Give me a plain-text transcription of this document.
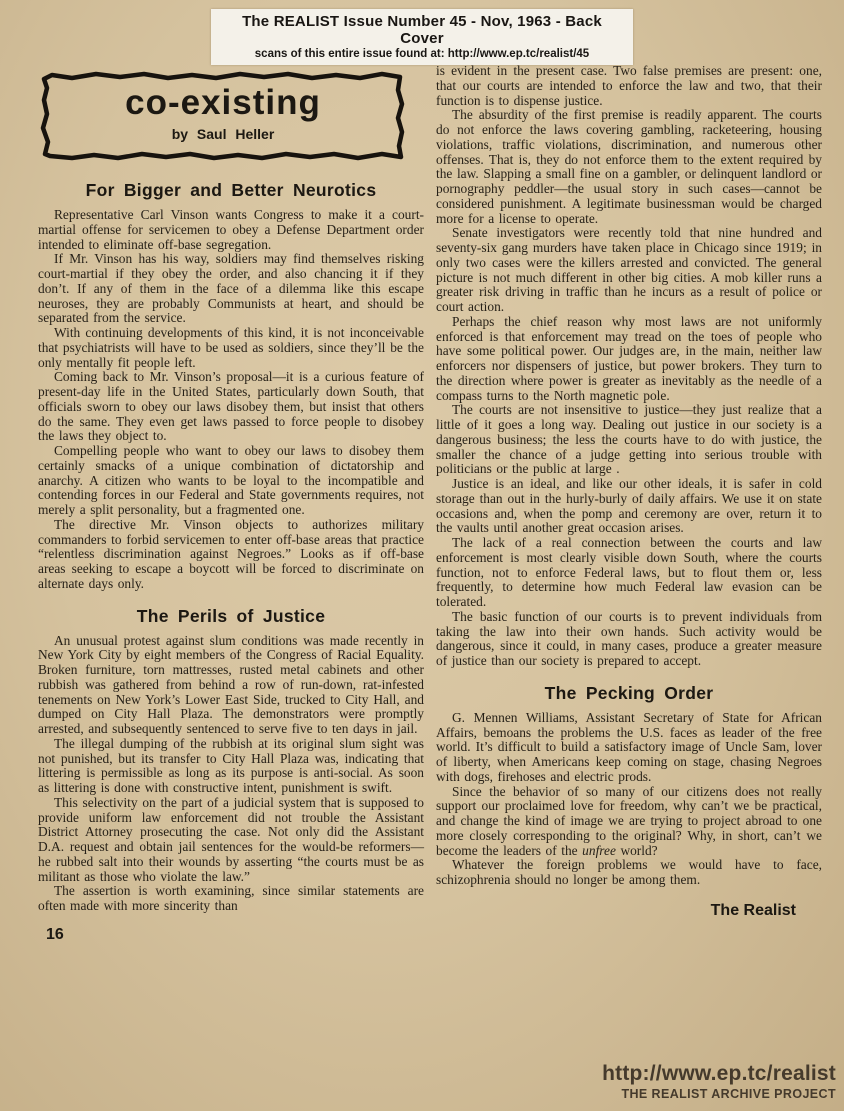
The REALIST Issue Number 45 - Nov, 1963 - Back Cover
scans of this entire issue found at: http://www.ep.tc/realist/45
co-existing
by Saul Heller
For Bigger and Better Neurotics

Representative Carl Vinson wants Congress to make it a court-martial offense for servicemen to obey a Defense Department order intended to eliminate off-base segregation.

If Mr. Vinson has his way, soldiers may find themselves risking court-martial if they obey the order, and also chancing it if they don’t. If any of them in the face of a dilemma like this escape neuroses, they are probably Communists at heart, and should be separated from the service.

With continuing developments of this kind, it is not inconceivable that psychiatrists will have to be used as soldiers, since they’ll be the only mentally fit people left.

Coming back to Mr. Vinson’s proposal—it is a curious feature of present-day life in the United States, particularly down South, that officials sworn to obey our laws disobey them, but insist that others do the same. They even get laws passed to force people to disobey the laws they object to.

Compelling people who want to obey our laws to disobey them certainly smacks of a unique combination of dictatorship and anarchy. A citizen who wants to be loyal to the incompatible and contending forces in our Federal and State governments requires, not merely a split personality, but a fragmented one.

The directive Mr. Vinson objects to authorizes military commanders to forbid servicemen to enter off-base areas that practice “relentless discrimination against Negroes.” Looks as if off-base areas seeking to escape a boycott will be forced to discriminate on alternate days only.

The Perils of Justice

An unusual protest against slum conditions was made recently in New York City by eight members of the Congress of Racial Equality. Broken furniture, torn mattresses, rusted metal cabinets and other rubbish was gathered from behind a row of run-down, rat-infested tenements on New York’s Lower East Side, trucked to City Hall, and dumped on City Hall Plaza. The demonstrators were promptly arrested, and subsequently sentenced to serve five to ten days in jail.

The illegal dumping of the rubbish at its original slum sight was not punished, but its transfer to City Hall Plaza was, indicating that littering is permissible as long as its purpose is anti-social. As soon as littering is done with constructive intent, punishment is swift.

This selectivity on the part of a judicial system that is supposed to provide uniform law enforcement did not trouble the Assistant District Attorney prosecuting the case. Not only did the Assistant D.A. request and obtain jail sentences for the would-be reformers—he rubbed salt into their wounds by asserting “the courts must be as militant as those who violate the law.”

The assertion is worth examining, since similar statements are often made with more sincerity than

16

is evident in the present case. Two false premises are present: one, that our courts are intended to enforce the law and two, that their function is to dispense justice.

The absurdity of the first premise is readily apparent. The courts do not enforce the laws covering gambling, racketeering, housing violations, traffic violations, discrimination, and numerous other offenses. That is, they do not enforce them to the extent required by the law. Slapping a small fine on a gambler, or delinquent landlord or pornography peddler—the usual story in such cases—cannot be considered punishment. A legitimate businessman would be charged more for a license to operate.

Senate investigators were recently told that nine hundred and seventy-six gang murders have taken place in Chicago since 1919; in only two cases were the killers arrested and convicted. The general picture is not much different in other big cities. A mob killer runs a greater risk driving in traffic than he incurs as a result of police or court action.

Perhaps the chief reason why most laws are not uniformly enforced is that enforcement may tread on the toes of people who have some political power. Our judges are, in the main, neither law enforcers nor dispensers of justice, but power brokers. They turn to the direction where power is greater as inevitably as the needle of a compass turns to the North magnetic pole.

The courts are not insensitive to justice—they just realize that a little of it goes a long way. Dealing out justice in our society is a dangerous business; the less the courts have to do with justice, the smaller the chance of a judge getting into serious trouble with politicians or the public at large .

Justice is an ideal, and like our other ideals, it is safer in cold storage than out in the hurly-burly of daily affairs. We use it on state occasions and, when the pomp and ceremony are over, return it to the vaults until another great occasion arises.

The lack of a real connection between the courts and law enforcement is most clearly visible down South, where the courts function, not to enforce Federal laws, but to flout them or, less frequently, to determine how much Federal law evasion can be tolerated.

The basic function of our courts is to prevent individuals from taking the law into their own hands. Such activity would be dangerous, since it could, in many cases, produce a greater measure of justice than our society is prepared to accept.

The Pecking Order

G. Mennen Williams, Assistant Secretary of State for African Affairs, bemoans the problems the U.S. faces as leader of the free world. It’s difficult to build a satisfactory image of Uncle Sam, lover of liberty, when Americans keep coming on stage, chasing Negroes with dogs, firehoses and electric prods.

Since the behavior of so many of our citizens does not really support our proclaimed love for freedom, why can’t we be practical, and change the kind of image we are trying to project abroad to one more closely corresponding to the original? Why, in short, can’t we become the leaders of the unfree world?

Whatever the foreign problems we would have to face, schizophrenia should no longer be among them.

The Realist
http://www.ep.tc/realist
THE REALIST ARCHIVE PROJECT
